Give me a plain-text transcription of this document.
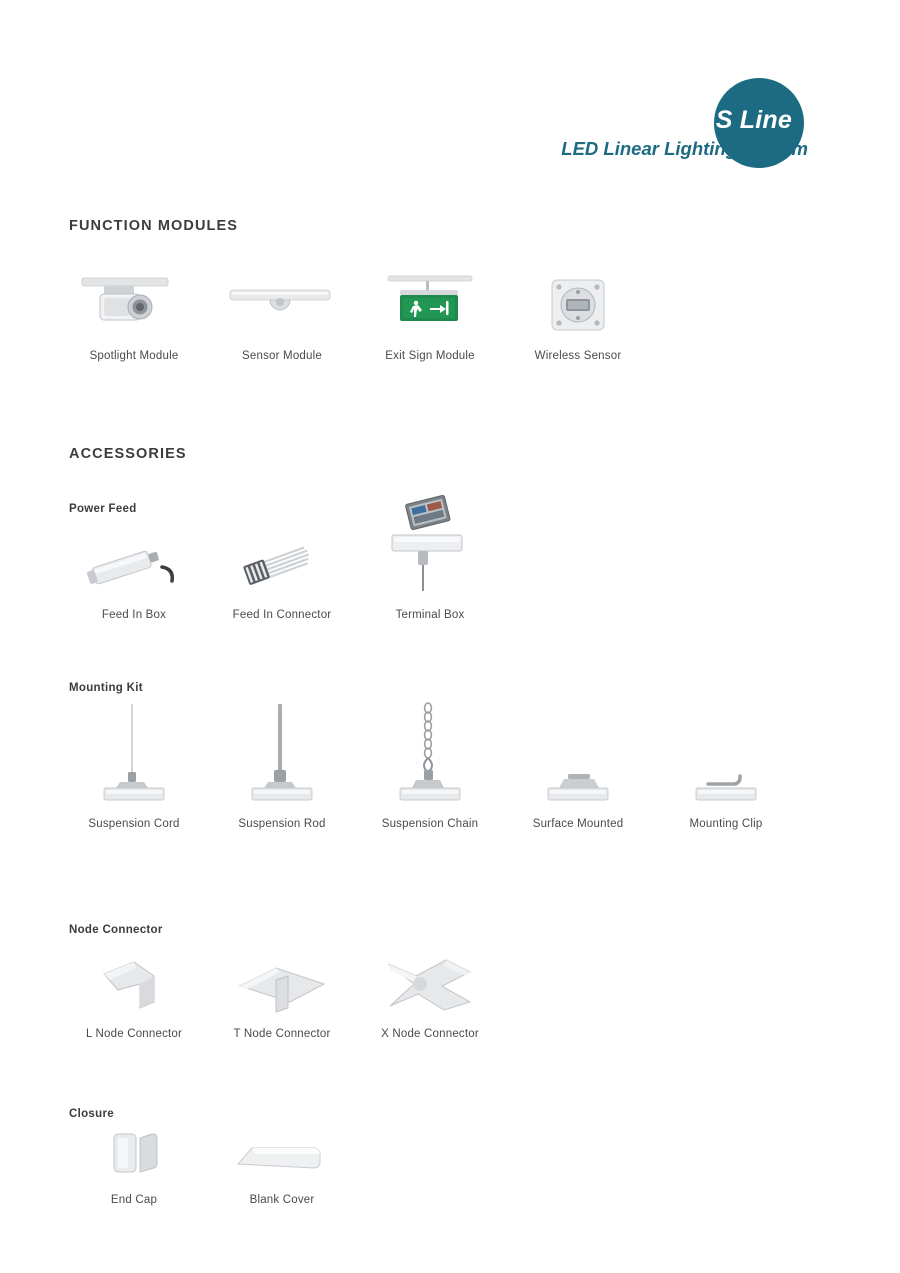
LED Linear Lighting System
S Line
FUNCTION MODULES
Spotlight Module	Sensor Module	Exit Sign Module	Wireless Sensor
ACCESSORIES
Power Feed
Feed In Box	Feed In Connector	Terminal Box
Mounting Kit
Suspension Cord	Suspension Rod	Suspension Chain	Surface Mounted	Mounting Clip
Node Connector
L Node Connector	T Node Connector	X Node Connector
Closure
End Cap	Blank Cover
